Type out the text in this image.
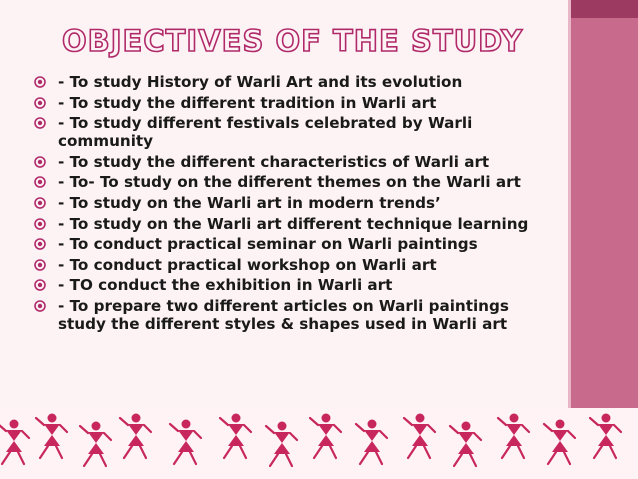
OBJECTIVES OF THE STUDY
- To study History of Warli Art and its evolution
- To study the different tradition in Warli art
- To study different festivals celebrated by Warli community
- To study the different characteristics of Warli art
- To- To study on the different themes on the Warli art
- To study on the Warli art in modern trends’
- To study on the Warli art different technique learning
- To conduct practical seminar on Warli paintings
- To conduct practical workshop on Warli art
- TO conduct the exhibition in Warli art
- To prepare two different articles on Warli paintings study the different styles & shapes used in Warli art
